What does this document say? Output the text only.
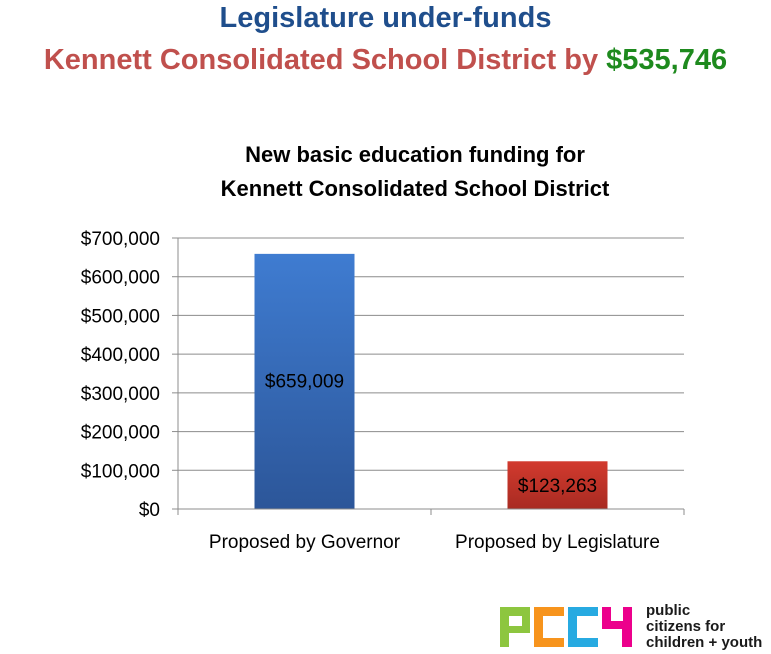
Legislature under-funds
Kennett Consolidated School District by $535,746
New basic education funding for
Kennett Consolidated School District
$0
$100,000
$200,000
$300,000
$400,000
$500,000
$600,000
$700,000
$659,009
$123,263
Proposed by Governor	Proposed by Legislature
public
citizens for
children + youth
